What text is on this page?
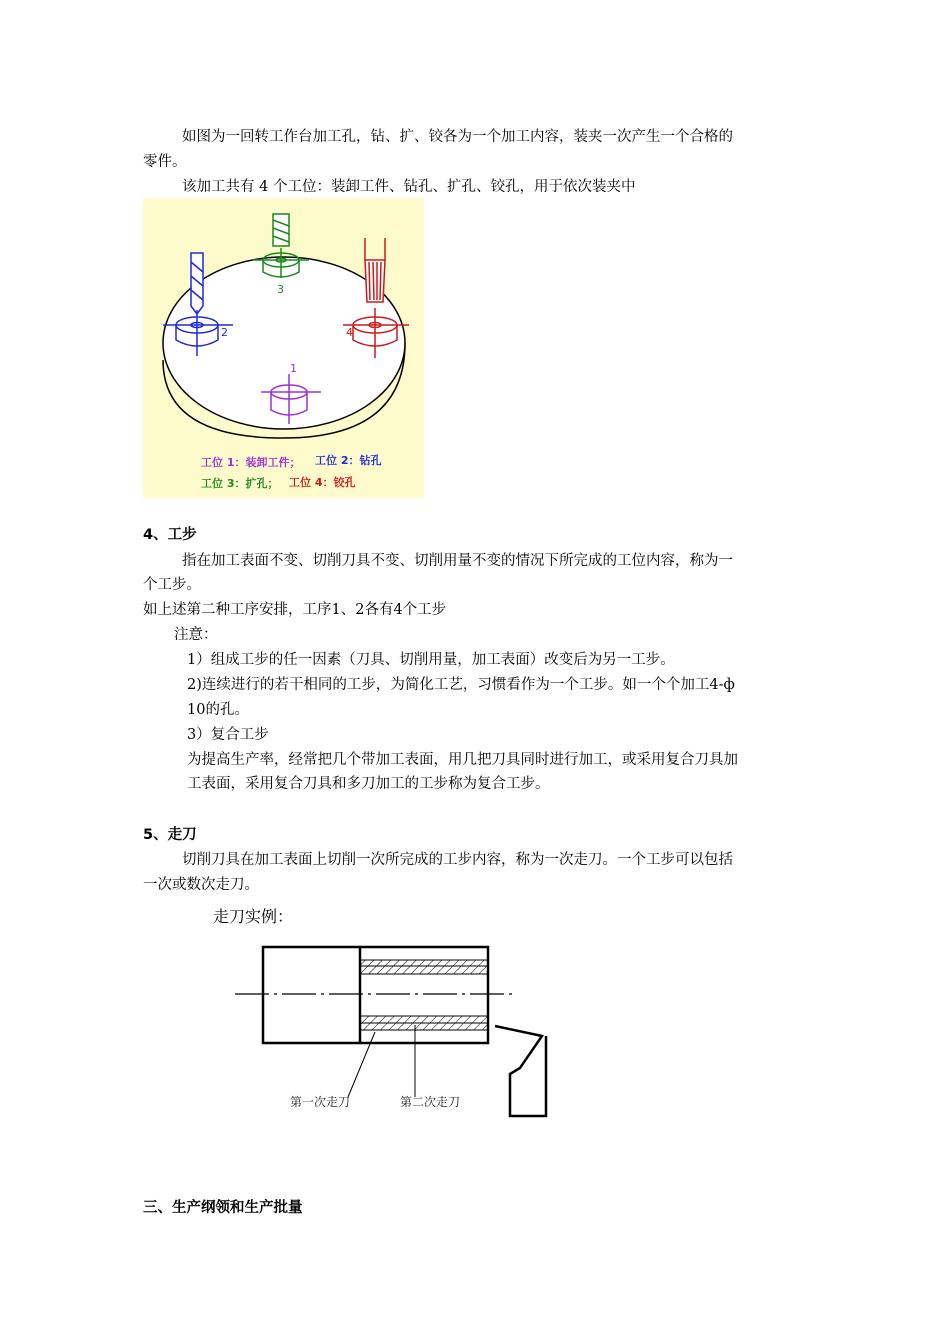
如图为一回转工作台加工孔，钻、扩、铰各为一个加工内容，装夹一次产生一个合格的
零件。
该加工共有 4 个工位：装卸工件、钻孔、扩孔、铰孔，用于依次装夹中
3
2	4
1
工位 1：装卸工件； 工位 2：钻孔
工位 3：扩孔； 工位 4：铰孔
4、工步
指在加工表面不变、切削刀具不变、切削用量不变的情况下所完成的工位内容，称为一
个工步。
如上述第二种工序安排，工序1、2各有4个工步
注意：
1）组成工步的任一因素（刀具、切削用量，加工表面）改变后为另一工步。
2)连续进行的若干相同的工步，为简化工艺，习惯看作为一个工步。如一个个加工4-ф
10的孔。
3）复合工步
为提高生产率，经常把几个带加工表面，用几把刀具同时进行加工，或采用复合刀具加
工表面，采用复合刀具和多刀加工的工步称为复合工步。
5、走刀
切削刀具在加工表面上切削一次所完成的工步内容，称为一次走刀。一个工步可以包括
一次或数次走刀。
走刀实例：
第一次走刀	第二次走刀
三、生产纲领和生产批量
